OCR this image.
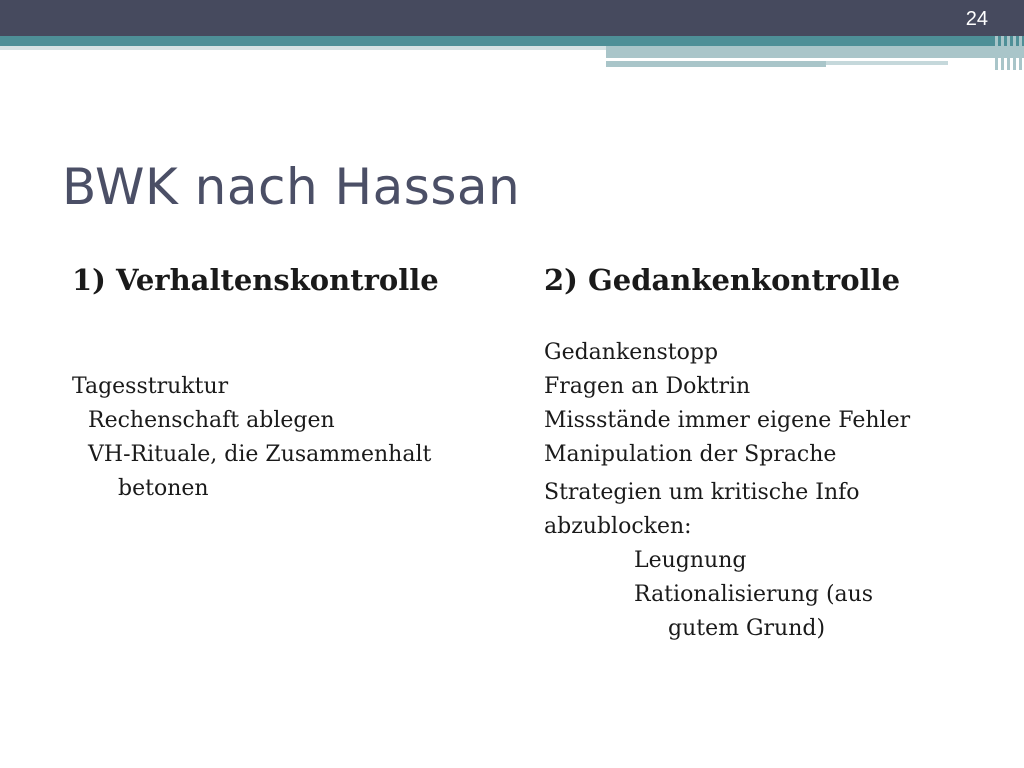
24
BWK nach Hassan
1) Verhaltenskontrolle
Tagesstruktur
Rechenschaft ablegen
VH-Rituale, die Zusammenhalt
betonen
2) Gedankenkontrolle
Gedankenstopp
Fragen an Doktrin
Missstände immer eigene Fehler
Manipulation der Sprache
Strategien um kritische Info
abzublocken:
Leugnung
Rationalisierung (aus
gutem Grund)
